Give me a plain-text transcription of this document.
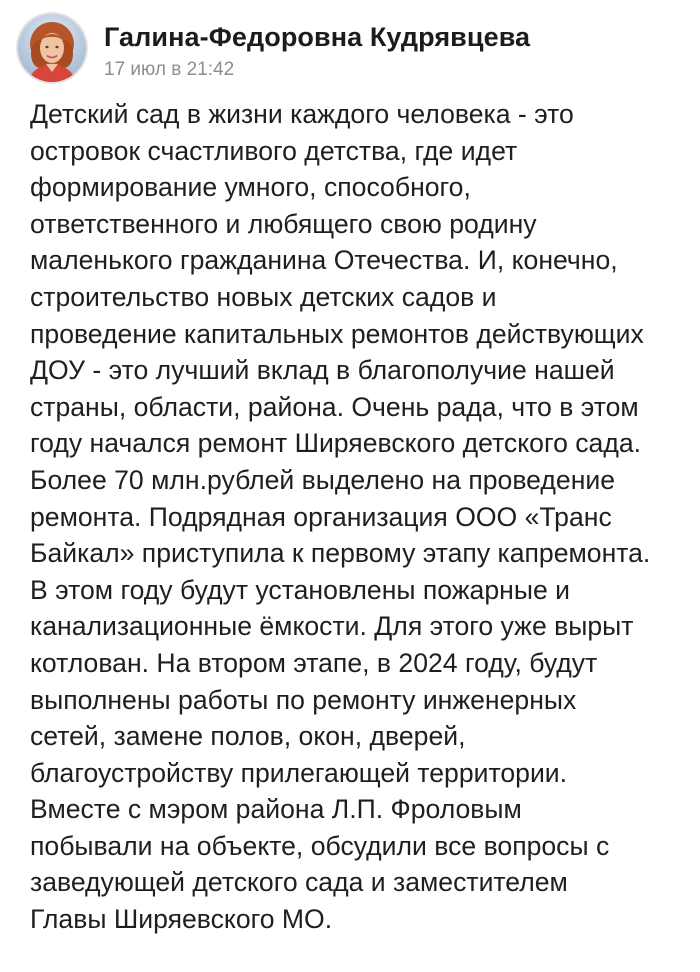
Галина-Федоровна Кудрявцева
17 июл в 21:42
Детский сад в жизни каждого человека - это
островок счастливого детства, где идет
формирование умного, способного,
ответственного и любящего свою родину
маленького гражданина Отечества. И, конечно,
строительство новых детских садов и
проведение капитальных ремонтов действующих
ДОУ - это лучший вклад в благополучие нашей
страны, области, района. Очень рада, что в этом
году начался ремонт Ширяевского детского сада.
Более 70 млн.рублей выделено на проведение
ремонта. Подрядная организация ООО «Транс
Байкал» приступила к первому этапу капремонта.
В этом году будут установлены пожарные и
канализационные ёмкости. Для этого уже вырыт
котлован. На втором этапе, в 2024 году, будут
выполнены работы по ремонту инженерных
сетей, замене полов, окон, дверей,
благоустройству прилегающей территории.
Вместе с мэром района Л.П. Фроловым
побывали на объекте, обсудили все вопросы с
заведующей детского сада и заместителем
Главы Ширяевского МО.
